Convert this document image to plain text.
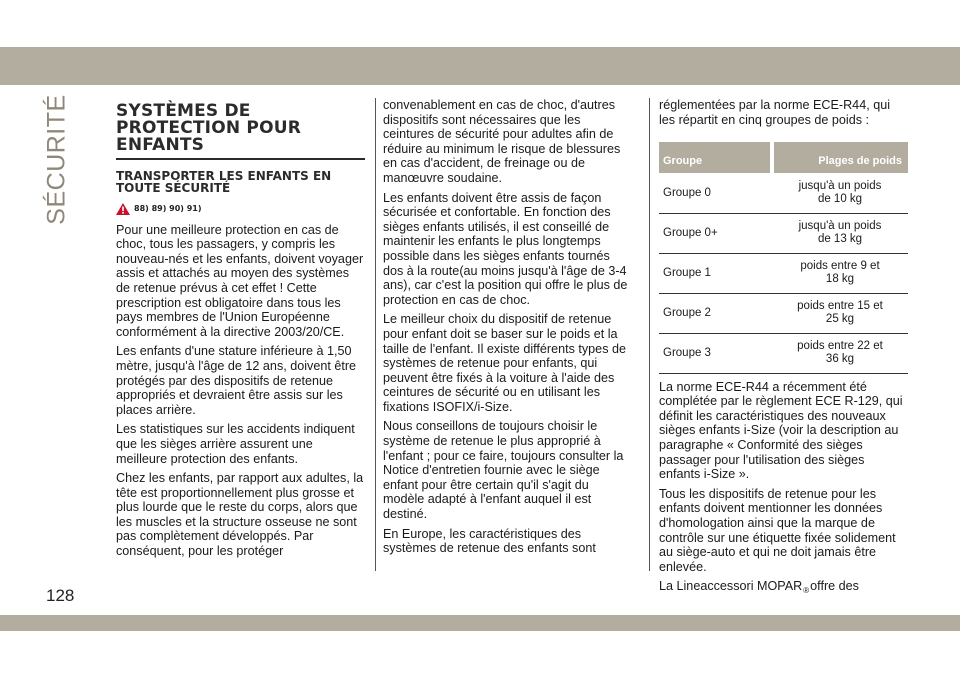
SÉCURITÉ	SYSTÈMES DE
PROTECTION POUR
ENFANTS
TRANSPORTER LES ENFANTS EN
TOUTE SÉCURITÉ
88) 89) 90) 91)

Pour une meilleure protection en cas de choc, tous les passagers, y compris les nouveau-nés et les enfants, doivent voyager assis et attachés au moyen des systèmes de retenue prévus à cet effet ! Cette prescription est obligatoire dans tous les pays membres de l'Union Européenne conformément à la directive 2003/20/CE.

Les enfants d'une stature inférieure à 1,50 mètre, jusqu'à l'âge de 12 ans, doivent être protégés par des dispositifs de retenue appropriés et devraient être assis sur les places arrière.

Les statistiques sur les accidents indiquent que les sièges arrière assurent une meilleure protection des enfants.

Chez les enfants, par rapport aux adultes, la tête est proportionnellement plus grosse et plus lourde que le reste du corps, alors que les muscles et la structure osseuse ne sont pas complètement développés. Par conséquent, pour les protéger

convenablement en cas de choc, d'autres dispositifs sont nécessaires que les ceintures de sécurité pour adultes afin de réduire au minimum le risque de blessures en cas d'accident, de freinage ou de manœuvre soudaine.

Les enfants doivent être assis de façon sécurisée et confortable. En fonction des sièges enfants utilisés, il est conseillé de maintenir les enfants le plus longtemps possible dans les sièges enfants tournés dos à la route(au moins jusqu'à l'âge de 3-4 ans), car c'est la position qui offre le plus de protection en cas de choc.

Le meilleur choix du dispositif de retenue pour enfant doit se baser sur le poids et la taille de l'enfant. Il existe différents types de systèmes de retenue pour enfants, qui peuvent être fixés à la voiture à l'aide des ceintures de sécurité ou en utilisant les fixations ISOFIX/i-Size.

Nous conseillons de toujours choisir le système de retenue le plus approprié à l'enfant ; pour ce faire, toujours consulter la Notice d'entretien fournie avec le siège enfant pour être certain qu'il s'agit du modèle adapté à l'enfant auquel il est destiné.

En Europe, les caractéristiques des systèmes de retenue des enfants sont

réglementées par la norme ECE-R44, qui les répartit en cinq groupes de poids :

Groupe	Plages de poids
Groupe 0	jusqu'à un poids
de 10 kg
Groupe 0+	jusqu'à un poids
de 13 kg
Groupe 1	poids entre 9 et
18 kg
Groupe 2	poids entre 15 et
25 kg
Groupe 3	poids entre 22 et
36 kg

La norme ECE-R44 a récemment été complétée par le règlement ECE R-129, qui définit les caractéristiques des nouveaux sièges enfants i-Size (voir la description au paragraphe « Conformité des sièges passager pour l'utilisation des sièges enfants i-Size ».

Tous les dispositifs de retenue pour les enfants doivent mentionner les données d'homologation ainsi que la marque de contrôle sur une étiquette fixée solidement au siège-auto et qui ne doit jamais être enlevée.

La Lineaccessori MOPAR®offre des

128
